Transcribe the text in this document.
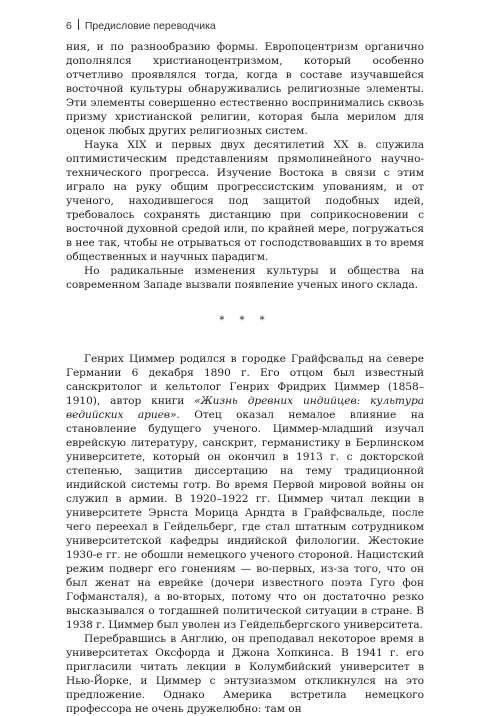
6 Предисловие переводчика

ния, и по разнообразию формы. Европоцентризм органично дополнялся христианоцентризмом, который особенно отчетливо проявлялся тогда, когда в составе изучавшейся восточной культуры обнаруживались религиозные элементы. Эти элементы совершенно естественно воспринимались сквозь призму христианской религии, которая была мерилом для оценок любых других религиозных систем.

Наука XIX и первых двух десятилетий XX в. служила оптимистическим представлениям прямолинейного научно-технического прогресса. Изучение Востока в связи с этим играло на руку общим прогрессистским упованиям, и от ученого, находившегося под защитой подобных идей, требовалось сохранять дистанцию при соприкосновении с восточной духовной средой или, по крайней мере, погружаться в нее так, чтобы не отрываться от господствовавших в то время общественных и научных парадигм.

Но радикальные изменения культуры и общества на современном Западе вызвали появление ученых иного склада.

* * *

Генрих Циммер родился в городке Грайфсвальд на севере Германии 6 декабря 1890 г. Его отцом был известный санскритолог и кельтолог Генрих Фридрих Циммер (1858–1910), автор книги «Жизнь древних индийцев: культура ведийских ариев». Отец оказал немалое влияние на становление будущего ученого. Циммер-младший изучал еврейскую литературу, санскрит, германистику в Берлинском университете, который он окончил в 1913 г. с докторской степенью, защитив диссертацию на тему традиционной индийской системы готр. Во время Первой мировой войны он служил в армии. В 1920–1922 гг. Циммер читал лекции в университете Эрнста Морица Арндта в Грайфсвальде, после чего переехал в Гейдельберг, где стал штатным сотрудником университетской кафедры индийской филологии. Жестокие 1930-е гг. не обошли немецкого ученого стороной. Нацистский режим подверг его гонениям — во-первых, из-за того, что он был женат на еврейке (дочери известного поэта Гуго фон Гофмансталя), а во-вторых, потому что он достаточно резко высказывался о тогдашней политической ситуации в стране. В 1938 г. Циммер был уволен из Гейдельбергского университета.

Перебравшись в Англию, он преподавал некоторое время в университетах Оксфорда и Джона Хопкинса. В 1941 г. его пригласили читать лекции в Колумбийский университет в Нью-Йорке, и Циммер с энтузиазмом откликнулся на это предложение. Однако Америка встретила немецкого профессора не очень дружелюбно: там он
